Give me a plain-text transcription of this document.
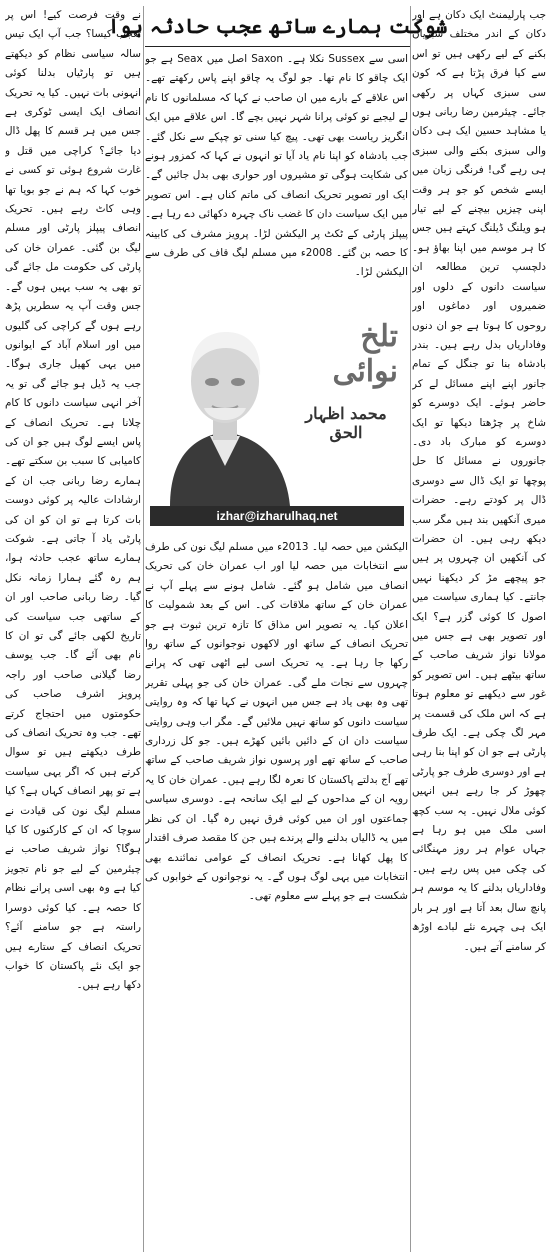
جب پارلیمنٹ ایک دکان ہے اور دکان کے اندر مختلف سبزیاں بکنے کے لیے رکھی ہیں تو اس سے کیا فرق پڑتا ہے کہ کون سی سبزی کہاں پر رکھی جائے۔ چیئرمین رضا ربانی ہوں یا مشاہد حسین ایک ہی دکان والی سبزی بکنے والی سبزی ہی رہے گی! فرنگی زبان میں ایسے شخص کو جو ہر وقت اپنی چیزیں بیچنے کے لیے تیار ہو ویلنگ ڈیلنگ کہتے ہیں جس کا ہر موسم میں اپنا بھاؤ ہو۔ دلچسپ ترین مطالعہ ان سیاست دانوں کے دلوں اور ضمیروں اور دماغوں اور روحوں کا ہوتا ہے جو ان دنوں وفاداریاں بدل رہے ہیں۔ بندر بادشاہ بنا تو جنگل کے تمام جانور اپنے اپنے مسائل لے کر حاضر ہوئے۔ ایک دوسرے کو شاخ پر چڑھتا دیکھا تو ایک دوسرے کو مبارک باد دی۔ جانوروں نے مسائل کا حل پوچھا تو ایک ڈال سے دوسری ڈال پر کودتے رہے۔ حضرات میری آنکھیں بند ہیں مگر سب دیکھ رہی ہیں۔ ان حضرات کی آنکھیں ان چہروں پر ہیں جو پیچھے مڑ کر دیکھنا نہیں جانتے۔ کیا ہماری سیاست میں اصول کا کوئی گزر ہے؟ ایک اور تصویر بھی ہے جس میں مولانا نواز شریف صاحب کے ساتھ بیٹھے ہیں۔ اس تصویر کو غور سے دیکھیے تو معلوم ہوتا ہے کہ اس ملک کی قسمت پر مہر لگ چکی ہے۔ ایک طرف پارٹی ہے جو ان کو اپنا بنا رہی ہے اور دوسری طرف جو پارٹی چھوڑ کر جا رہے ہیں انہیں کوئی ملال نہیں۔ یہ سب کچھ اسی ملک میں ہو رہا ہے جہاں عوام ہر روز مہنگائی کی چکی میں پس رہے ہیں۔ وفاداریاں بدلنے کا یہ موسم ہر پانچ سال بعد آتا ہے اور ہر بار ایک ہی چہرے نئے لبادے اوڑھ کر سامنے آتے ہیں۔

شوکت ہمارے ساتھ عجب حادثہ ہوا

اسی سے Sussex نکلا ہے۔ Saxon اصل میں Seax ہے جو ایک چاقو کا نام تھا۔ جو لوگ یہ چاقو اپنے پاس رکھتے تھے۔ اس علاقے کے بارے میں ان صاحب نے کہا کہ مسلمانوں کا نام لے لیجیے تو کوئی پرانا شہر نہیں بچے گا۔ اس علاقے میں ایک انگریز ریاست بھی تھی۔ پیچ کیا سنی تو چپکے سے نکل گئے۔ جب بادشاہ کو اپنا نام یاد آیا تو انہوں نے کہا کہ کمزور ہونے کی شکایت ہوگی تو مشیروں اور حواری بھی بدل جائیں گے۔ ایک اور تصویر تحریک انصاف کی ماتم کناں ہے۔ اس تصویر میں ایک سیاست دان کا غضب ناک چہرہ دکھائی دے رہا ہے۔ پیپلز پارٹی کے ٹکٹ پر الیکشن لڑا۔ پرویز مشرف کی کابینہ کا حصہ بن گئے۔ 2008ء میں مسلم لیگ قاف کی طرف سے الیکشن لڑا۔

الیکشن میں حصہ لیا۔ 2013ء میں مسلم لیگ نون کی طرف سے انتخابات میں حصہ لیا اور اب عمران خان کی تحریک انصاف میں شامل ہو گئے۔ شامل ہونے سے پہلے آپ نے عمران خان کے ساتھ ملاقات کی۔ اس کے بعد شمولیت کا اعلان کیا۔ یہ تصویر اس مذاق کا تازہ ترین ثبوت ہے جو تحریک انصاف کے ساتھ اور لاکھوں نوجوانوں کے ساتھ روا رکھا جا رہا ہے۔ یہ تحریک اسی لیے اٹھی تھی کہ پرانے چہروں سے نجات ملے گی۔ عمران خان کی جو پہلی تقریر تھی وہ بھی یاد ہے جس میں انہوں نے کہا تھا کہ وہ روایتی سیاست دانوں کو ساتھ نہیں ملائیں گے۔ مگر اب وہی روایتی سیاست دان ان کے دائیں بائیں کھڑے ہیں۔ جو کل زرداری صاحب کے ساتھ تھے اور پرسوں نواز شریف صاحب کے ساتھ تھے آج بدلتے پاکستان کا نعرہ لگا رہے ہیں۔ عمران خان کا یہ رویہ ان کے مداحوں کے لیے ایک سانحہ ہے۔ دوسری سیاسی جماعتوں اور ان میں کوئی فرق نہیں رہ گیا۔ ان کی نظر میں یہ ڈالیاں بدلنے والے پرندے ہیں جن کا مقصد صرف اقتدار کا پھل کھانا ہے۔ تحریک انصاف کے عوامی نمائندے بھی انتخابات میں یہی لوگ ہوں گے۔ یہ نوجوانوں کے خوابوں کی شکست ہے جو پہلے سے معلوم تھی۔

تلخ نوائی
محمد اظہار الحق
izhar@izharulhaq.net

نے وقت فرصت کیے! اس پر تعجب کیسا؟ جب آپ ایک تیس سالہ سیاسی نظام کو دیکھتے ہیں تو پارٹیاں بدلنا کوئی انہونی بات نہیں۔ کیا یہ تحریک انصاف ایک ایسی ٹوکری ہے جس میں ہر قسم کا پھل ڈال دیا جائے؟ کراچی میں قتل و غارت شروع ہوئی تو کسی نے خوب کہا کہ ہم نے جو بویا تھا وہی کاٹ رہے ہیں۔ تحریک انصاف پیپلز پارٹی اور مسلم لیگ بن گئی۔ عمران خان کی پارٹی کی حکومت مل جائے گی تو بھی یہ سب یہیں ہوں گے۔ جس وقت آپ یہ سطریں پڑھ رہے ہوں گے کراچی کی گلیوں میں اور اسلام آباد کے ایوانوں میں یہی کھیل جاری ہوگا۔ جب یہ ڈیل ہو جائے گی تو یہ آخر انہی سیاست دانوں کا کام چلانا ہے۔ تحریک انصاف کے پاس ایسے لوگ ہیں جو ان کی کامیابی کا سبب بن سکتے تھے۔ ہمارے رضا ربانی جب ان کے ارشادات عالیہ پر کوئی دوست بات کرتا ہے تو ان کو ان کی پارٹی یاد آ جاتی ہے۔ شوکت ہمارے ساتھ عجب حادثہ ہوا، ہم رہ گئے ہمارا زمانہ نکل گیا۔ رضا ربانی صاحب اور ان کے ساتھی جب سیاست کی تاریخ لکھی جائے گی تو ان کا نام بھی آئے گا۔ جب یوسف رضا گیلانی صاحب اور راجہ پرویز اشرف صاحب کی حکومتوں میں احتجاج کرتے تھے۔ جب وہ تحریک انصاف کی طرف دیکھتے ہیں تو سوال کرتے ہیں کہ اگر یہی سیاست ہے تو پھر انصاف کہاں ہے؟ کیا مسلم لیگ نون کی قیادت نے سوچا کہ ان کے کارکنوں کا کیا ہوگا؟ نواز شریف صاحب نے چیئرمین کے لیے جو نام تجویز کیا ہے وہ بھی اسی پرانے نظام کا حصہ ہے۔ کیا کوئی دوسرا راستہ ہے جو سامنے آئے؟ تحریک انصاف کے ستارے ہیں جو ایک نئے پاکستان کا خواب دکھا رہے ہیں۔
